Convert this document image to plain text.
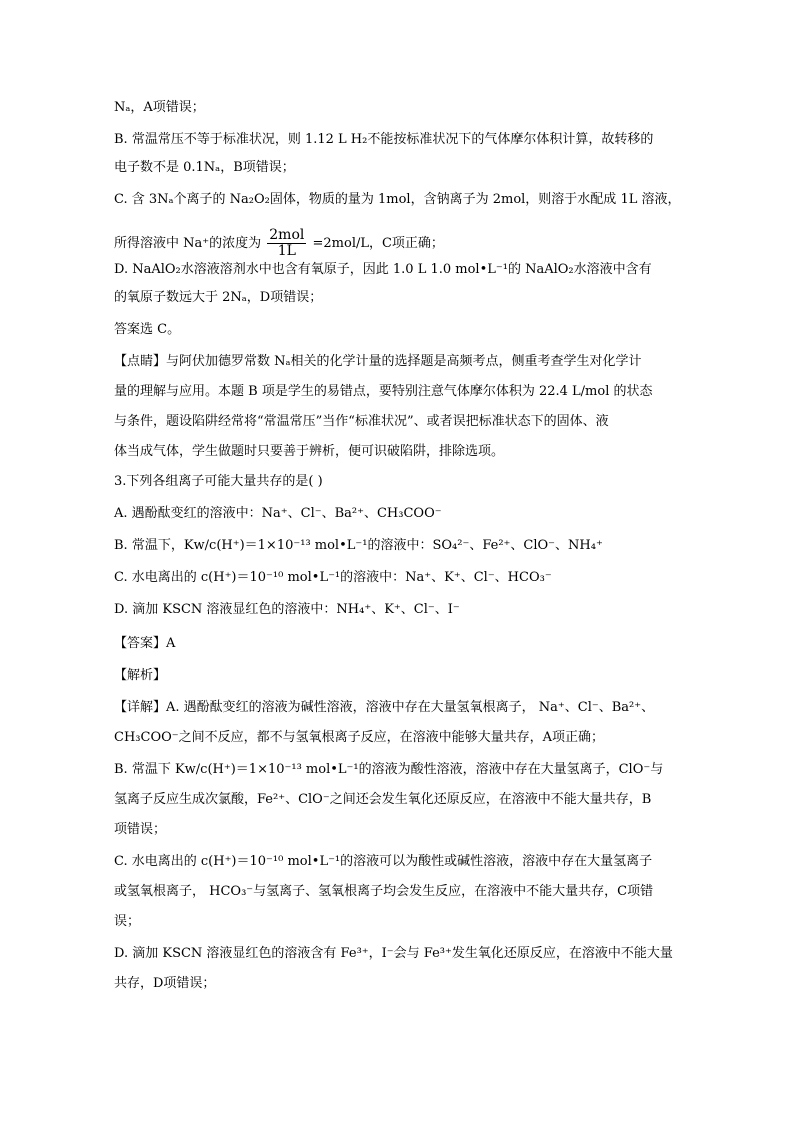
Nₐ，A项错误；
B. 常温常压不等于标准状况，则 1.12 L H₂不能按标准状况下的气体摩尔体积计算，故转移的
电子数不是 0.1Nₐ，B项错误；
C. 含 3Nₐ个离子的 Na₂O₂固体，物质的量为 1mol，含钠离子为 2mol，则溶于水配成 1L 溶液，
D. NaAlO₂水溶液溶剂水中也含有氧原子，因此 1.0 L 1.0 mol•L⁻¹的 NaAlO₂水溶液中含有
的氧原子数远大于 2Nₐ，D项错误；
答案选 C。
【点睛】与阿伏加德罗常数 Nₐ相关的化学计量的选择题是高频考点，侧重考查学生对化学计
量的理解与应用。本题 B 项是学生的易错点，要特别注意气体摩尔体积为 22.4 L/mol 的状态
与条件，题设陷阱经常将“常温常压”当作“标准状况”、或者误把标准状态下的固体、液
体当成气体，学生做题时只要善于辨析，便可识破陷阱，排除选项。
3.下列各组离子可能大量共存的是( )
A. 遇酚酞变红的溶液中：Na⁺、Cl⁻、Ba²⁺、CH₃COO⁻
B. 常温下，Kᴡ/c(H⁺)＝1×10⁻¹³ mol•L⁻¹的溶液中：SO₄²⁻、Fe²⁺、ClO⁻、NH₄⁺
C. 水电离出的 c(H⁺)＝10⁻¹⁰ mol•L⁻¹的溶液中：Na⁺、K⁺、Cl⁻、HCO₃⁻
D. 滴加 KSCN 溶液显红色的溶液中：NH₄⁺、K⁺、Cl⁻、I⁻
【答案】A
【解析】
【详解】A. 遇酚酞变红的溶液为碱性溶液，溶液中存在大量氢氧根离子， Na⁺、Cl⁻、Ba²⁺、
CH₃COO⁻之间不反应，都不与氢氧根离子反应，在溶液中能够大量共存，A项正确；
B. 常温下 Kᴡ/c(H⁺)＝1×10⁻¹³ mol•L⁻¹的溶液为酸性溶液，溶液中存在大量氢离子，ClO⁻与
氢离子反应生成次氯酸，Fe²⁺、ClO⁻之间还会发生氧化还原反应，在溶液中不能大量共存，B
项错误；
C. 水电离出的 c(H⁺)＝10⁻¹⁰ mol•L⁻¹的溶液可以为酸性或碱性溶液，溶液中存在大量氢离子
或氢氧根离子， HCO₃⁻与氢离子、氢氧根离子均会发生反应，在溶液中不能大量共存，C项错
误；
D. 滴加 KSCN 溶液显红色的溶液含有 Fe³⁺，I⁻会与 Fe³⁺发生氧化还原反应，在溶液中不能大量
共存，D项错误；
所得溶液中 Na⁺的浓度为 $\frac{\text{2mol}}{1L} =2mol/L$，C项正确；
